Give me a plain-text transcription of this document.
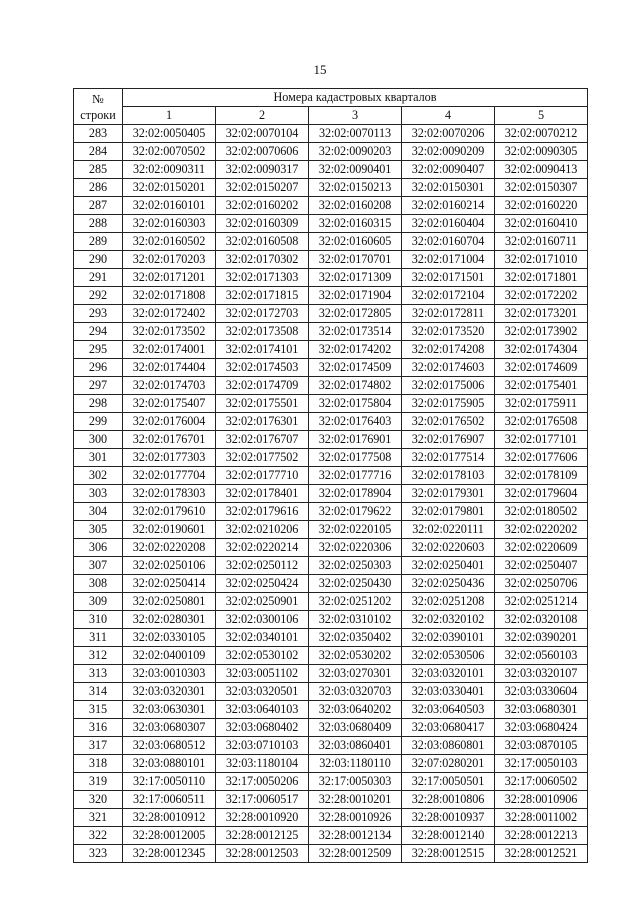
15
№
строки	Номера кадастровых кварталов				
	1	2	3	4	5
283	32:02:0050405	32:02:0070104	32:02:0070113	32:02:0070206	32:02:0070212
284	32:02:0070502	32:02:0070606	32:02:0090203	32:02:0090209	32:02:0090305
285	32:02:0090311	32:02:0090317	32:02:0090401	32:02:0090407	32:02:0090413
286	32:02:0150201	32:02:0150207	32:02:0150213	32:02:0150301	32:02:0150307
287	32:02:0160101	32:02:0160202	32:02:0160208	32:02:0160214	32:02:0160220
288	32:02:0160303	32:02:0160309	32:02:0160315	32:02:0160404	32:02:0160410
289	32:02:0160502	32:02:0160508	32:02:0160605	32:02:0160704	32:02:0160711
290	32:02:0170203	32:02:0170302	32:02:0170701	32:02:0171004	32:02:0171010
291	32:02:0171201	32:02:0171303	32:02:0171309	32:02:0171501	32:02:0171801
292	32:02:0171808	32:02:0171815	32:02:0171904	32:02:0172104	32:02:0172202
293	32:02:0172402	32:02:0172703	32:02:0172805	32:02:0172811	32:02:0173201
294	32:02:0173502	32:02:0173508	32:02:0173514	32:02:0173520	32:02:0173902
295	32:02:0174001	32:02:0174101	32:02:0174202	32:02:0174208	32:02:0174304
296	32:02:0174404	32:02:0174503	32:02:0174509	32:02:0174603	32:02:0174609
297	32:02:0174703	32:02:0174709	32:02:0174802	32:02:0175006	32:02:0175401
298	32:02:0175407	32:02:0175501	32:02:0175804	32:02:0175905	32:02:0175911
299	32:02:0176004	32:02:0176301	32:02:0176403	32:02:0176502	32:02:0176508
300	32:02:0176701	32:02:0176707	32:02:0176901	32:02:0176907	32:02:0177101
301	32:02:0177303	32:02:0177502	32:02:0177508	32:02:0177514	32:02:0177606
302	32:02:0177704	32:02:0177710	32:02:0177716	32:02:0178103	32:02:0178109
303	32:02:0178303	32:02:0178401	32:02:0178904	32:02:0179301	32:02:0179604
304	32:02:0179610	32:02:0179616	32:02:0179622	32:02:0179801	32:02:0180502
305	32:02:0190601	32:02:0210206	32:02:0220105	32:02:0220111	32:02:0220202
306	32:02:0220208	32:02:0220214	32:02:0220306	32:02:0220603	32:02:0220609
307	32:02:0250106	32:02:0250112	32:02:0250303	32:02:0250401	32:02:0250407
308	32:02:0250414	32:02:0250424	32:02:0250430	32:02:0250436	32:02:0250706
309	32:02:0250801	32:02:0250901	32:02:0251202	32:02:0251208	32:02:0251214
310	32:02:0280301	32:02:0300106	32:02:0310102	32:02:0320102	32:02:0320108
311	32:02:0330105	32:02:0340101	32:02:0350402	32:02:0390101	32:02:0390201
312	32:02:0400109	32:02:0530102	32:02:0530202	32:02:0530506	32:02:0560103
313	32:03:0010303	32:03:0051102	32:03:0270301	32:03:0320101	32:03:0320107
314	32:03:0320301	32:03:0320501	32:03:0320703	32:03:0330401	32:03:0330604
315	32:03:0630301	32:03:0640103	32:03:0640202	32:03:0640503	32:03:0680301
316	32:03:0680307	32:03:0680402	32:03:0680409	32:03:0680417	32:03:0680424
317	32:03:0680512	32:03:0710103	32:03:0860401	32:03:0860801	32:03:0870105
318	32:03:0880101	32:03:1180104	32:03:1180110	32:07:0280201	32:17:0050103
319	32:17:0050110	32:17:0050206	32:17:0050303	32:17:0050501	32:17:0060502
320	32:17:0060511	32:17:0060517	32:28:0010201	32:28:0010806	32:28:0010906
321	32:28:0010912	32:28:0010920	32:28:0010926	32:28:0010937	32:28:0011002
322	32:28:0012005	32:28:0012125	32:28:0012134	32:28:0012140	32:28:0012213
323	32:28:0012345	32:28:0012503	32:28:0012509	32:28:0012515	32:28:0012521
